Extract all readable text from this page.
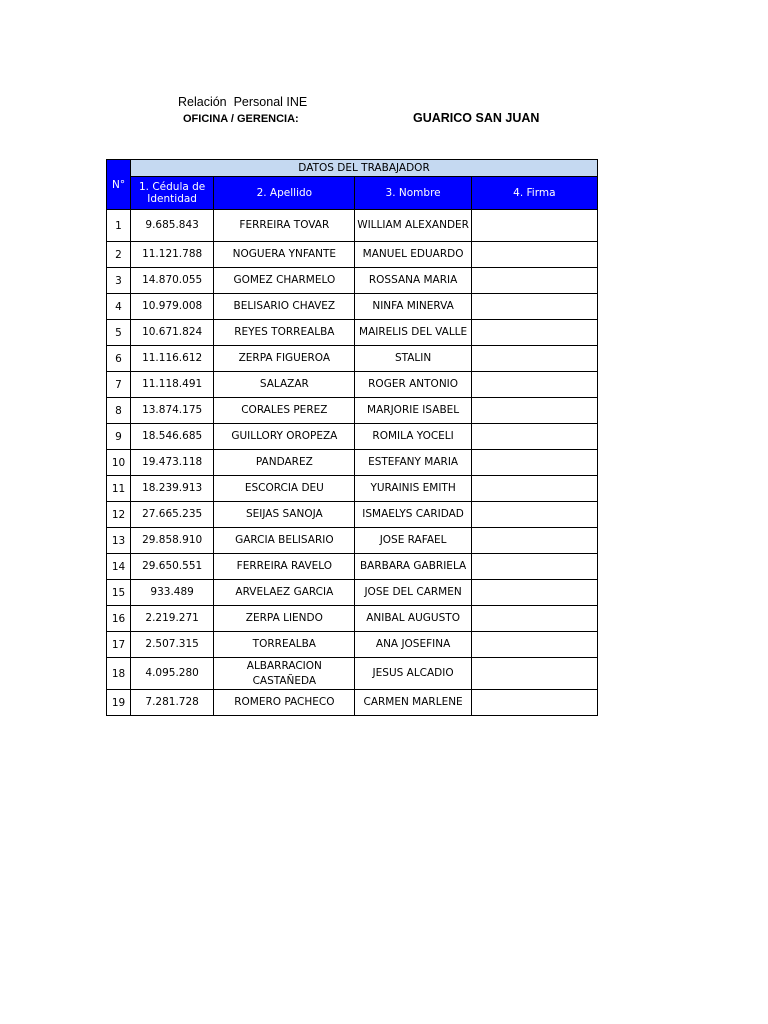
Relación  Personal INE
OFICINA / GERENCIA:	GUARICO SAN JUAN
N°	DATOS DEL TRABAJADOR			
	1. Cédula de Identidad	2. Apellido	3. Nombre	4. Firma
1	9.685.843	FERREIRA TOVAR	WILLIAM ALEXANDER	
2	11.121.788	NOGUERA YNFANTE	MANUEL EDUARDO	
3	14.870.055	GOMEZ CHARMELO	ROSSANA MARIA	
4	10.979.008	BELISARIO CHAVEZ	NINFA MINERVA	
5	10.671.824	REYES TORREALBA	MAIRELIS DEL VALLE	
6	11.116.612	ZERPA FIGUEROA	STALIN	
7	11.118.491	SALAZAR	ROGER ANTONIO	
8	13.874.175	CORALES PEREZ	MARJORIE ISABEL	
9	18.546.685	GUILLORY OROPEZA	ROMILA YOCELI	
10	19.473.118	PANDAREZ	ESTEFANY MARIA	
11	18.239.913	ESCORCIA DEU	YURAINIS EMITH	
12	27.665.235	SEIJAS SANOJA	ISMAELYS CARIDAD	
13	29.858.910	GARCIA BELISARIO	JOSE RAFAEL	
14	29.650.551	FERREIRA RAVELO	BARBARA GABRIELA	
15	933.489	ARVELAEZ GARCIA	JOSE DEL CARMEN	
16	2.219.271	ZERPA LIENDO	ANIBAL AUGUSTO	
17	2.507.315	TORREALBA	ANA JOSEFINA	
18	4.095.280	ALBARRACION CASTAÑEDA	JESUS ALCADIO	
19	7.281.728	ROMERO PACHECO	CARMEN MARLENE	
